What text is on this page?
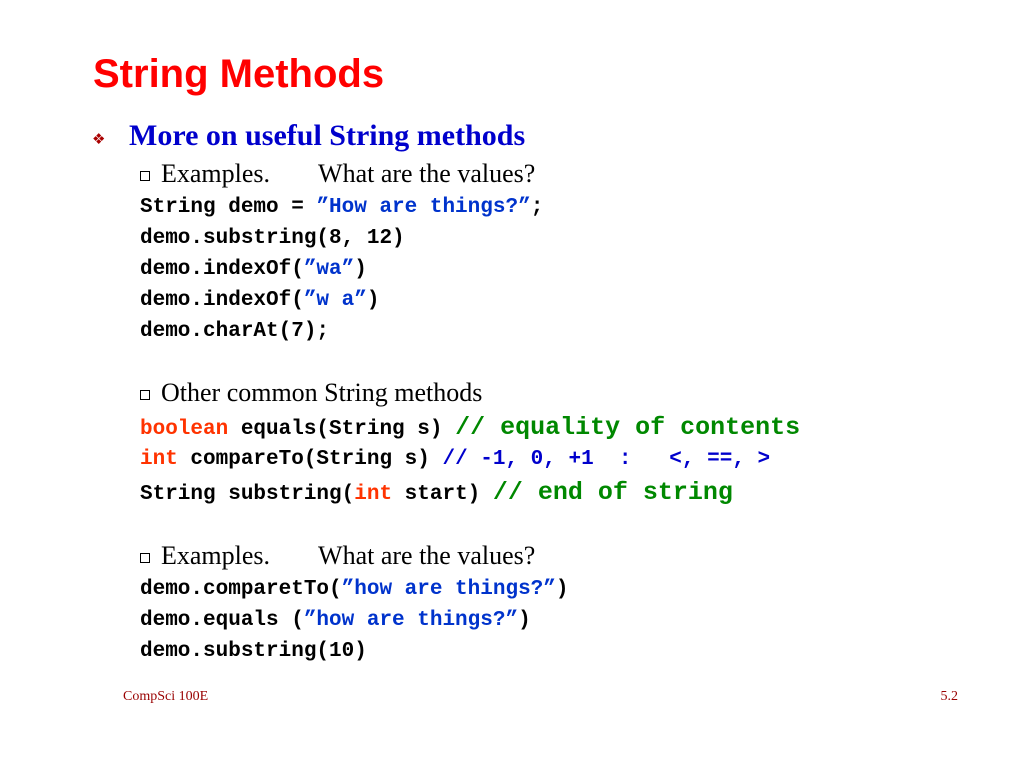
String Methods
❖ More on useful String methods
Examples. What are the values?
String demo = ”How are things?”;
demo.substring(8, 12)
demo.indexOf(”wa”)
demo.indexOf(”w a”)
demo.charAt(7);
Other common String methods
boolean equals(String s) // equality of contents
int compareTo(String s) // -1, 0, +1  :   <, ==, >
String substring(int start) // end of string
Examples. What are the values?
demo.comparetTo(”how are things?”)
demo.equals (”how are things?”)
demo.substring(10)
CompSci 100E	5.2
